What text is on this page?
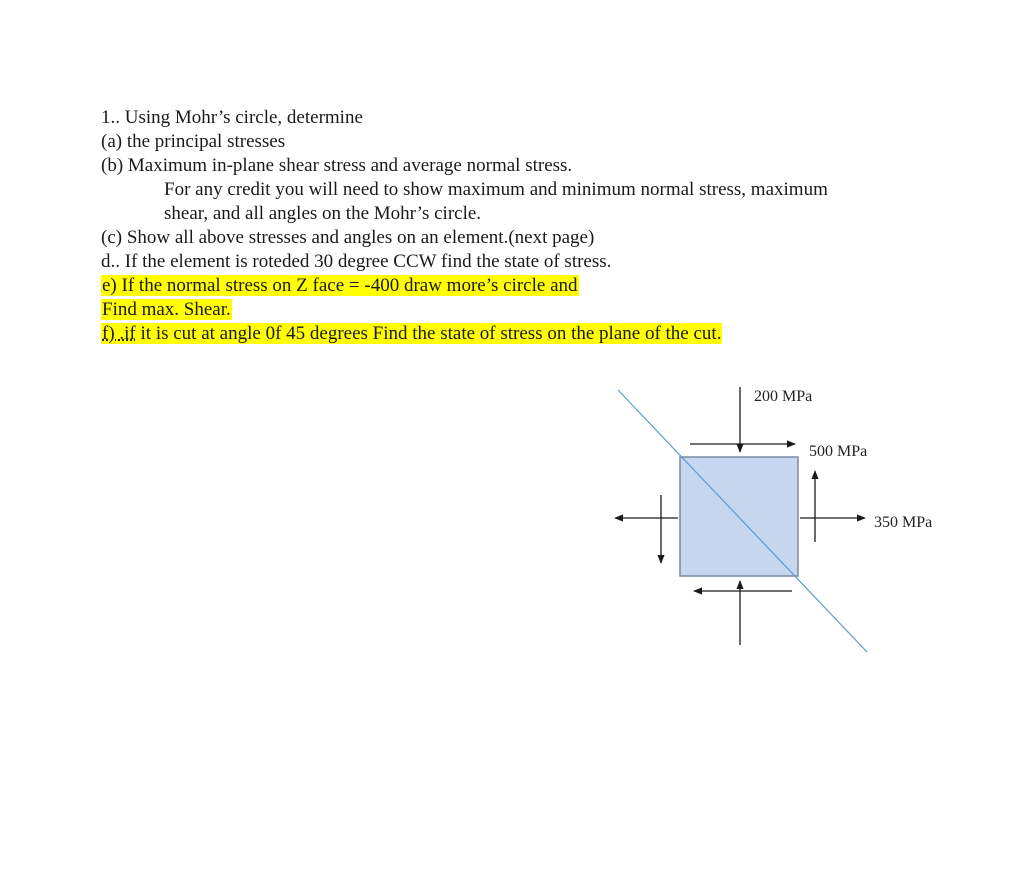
1.. Using Mohr’s circle, determine
(a) the principal stresses
(b) Maximum in-plane shear stress and average normal stress.
For any credit you will need to show maximum and minimum normal stress, maximum
shear, and all angles on the Mohr’s circle.
(c) Show all above stresses and angles on an element.(next page)
d.. If the element is roteded 30 degree CCW find the state of stress.
e) If the normal stress on Z face = -400 draw more’s circle and
Find max. Shear.
f) .if it is cut at angle 0f 45 degrees Find the state of stress on the plane of the cut.
200 MPa
500 MPa
350 MPa
